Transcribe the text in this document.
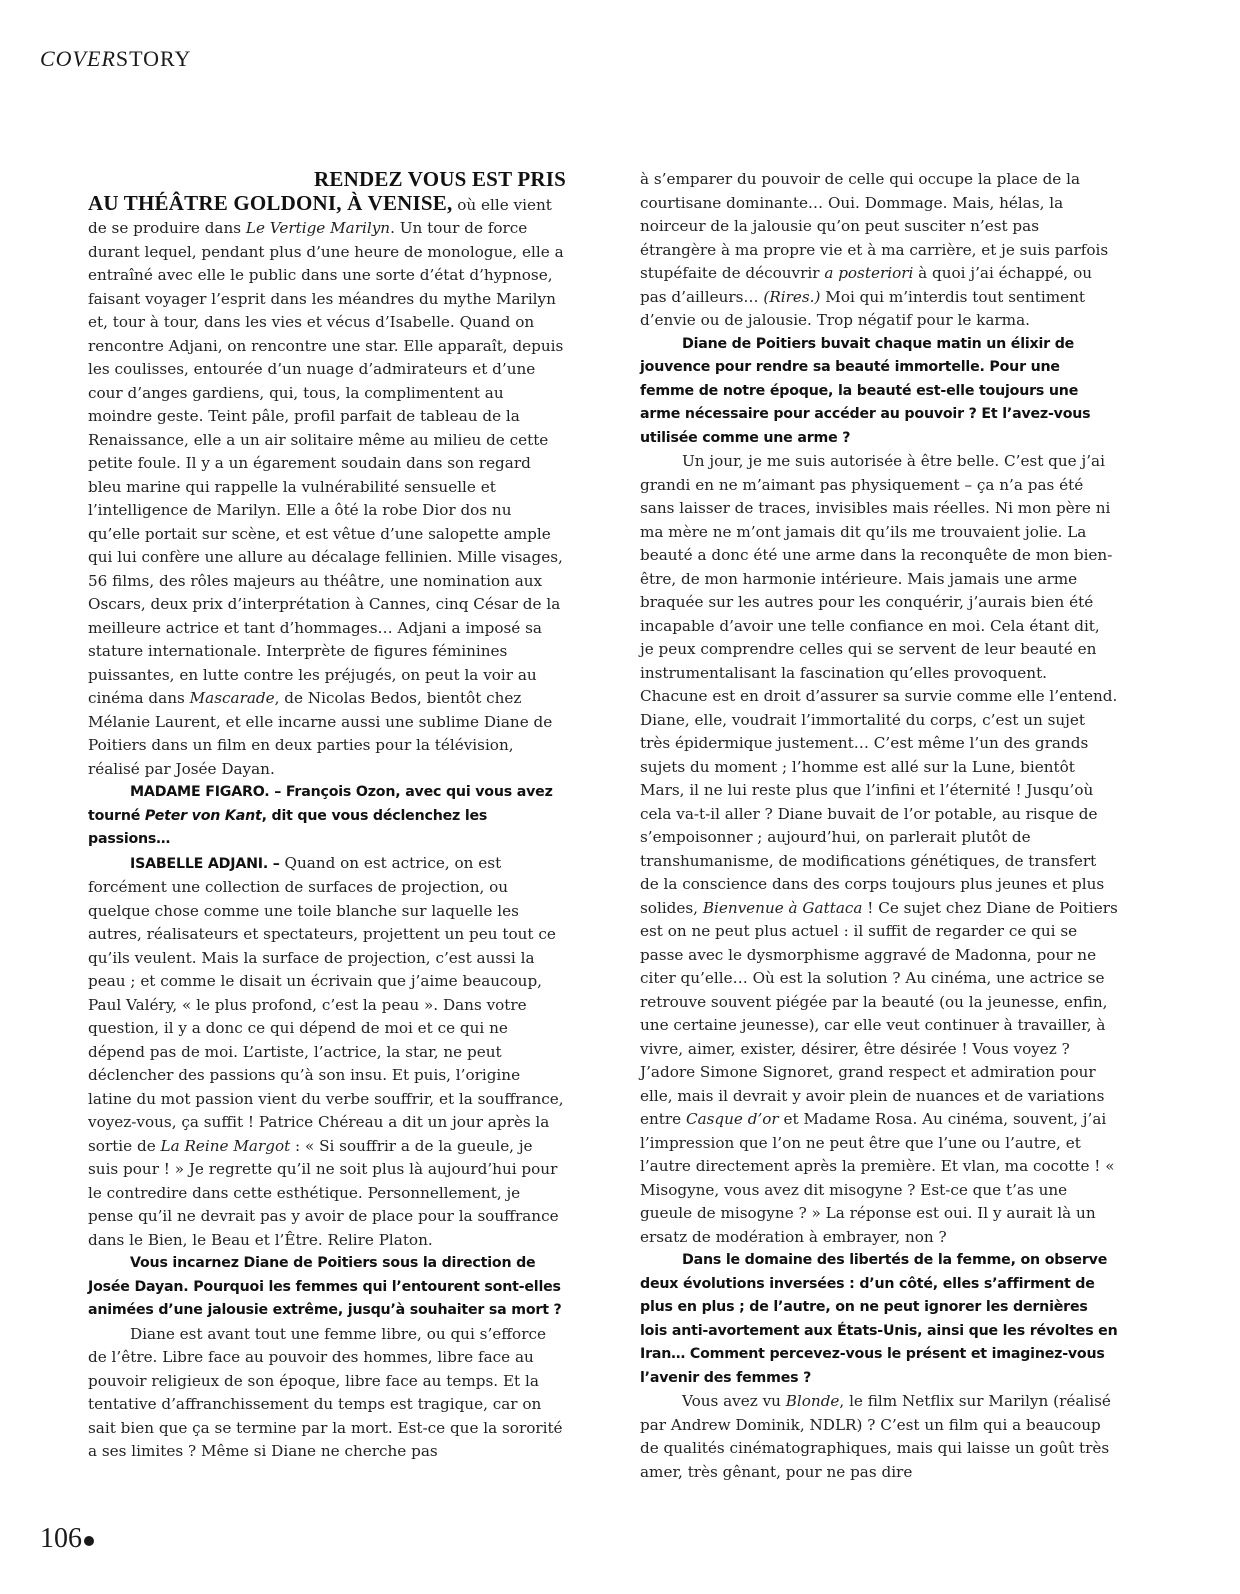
COVERSTORY

RENDEZ VOUS EST PRIS

AU THÉÂTRE GOLDONI, À VENISE, où elle vient de se produire dans Le Vertige Marilyn. Un tour de force durant lequel, pendant plus d’une heure de monologue, elle a entraîné avec elle le public dans une sorte d’état d’hypnose, faisant voyager l’esprit dans les méandres du mythe Marilyn et, tour à tour, dans les vies et vécus d’Isabelle. Quand on rencontre Adjani, on rencontre une star. Elle apparaît, depuis les coulisses, entourée d’un nuage d’admirateurs et d’une cour d’anges gardiens, qui, tous, la complimentent au moindre geste. Teint pâle, profil parfait de tableau de la Renaissance, elle a un air solitaire même au milieu de cette petite foule. Il y a un égarement soudain dans son regard bleu marine qui rappelle la vulnérabilité sensuelle et l’intelligence de Marilyn. Elle a ôté la robe Dior dos nu qu’elle portait sur scène, et est vêtue d’une salopette ample qui lui confère une allure au décalage fellinien. Mille visages, 56 films, des rôles majeurs au théâtre, une nomination aux Oscars, deux prix d’interprétation à Cannes, cinq César de la meilleure actrice et tant d’hommages… Adjani a imposé sa stature internationale. Interprète de figures féminines puissantes, en lutte contre les préjugés, on peut la voir au cinéma dans Mascarade, de Nicolas Bedos, bientôt chez Mélanie Laurent, et elle incarne aussi une sublime Diane de Poitiers dans un film en deux parties pour la télévision, réalisé par Josée Dayan.

MADAME FIGARO. – François Ozon, avec qui vous avez tourné Peter von Kant, dit que vous déclenchez les passions…

ISABELLE ADJANI. – Quand on est actrice, on est forcément une collection de surfaces de projection, ou quelque chose comme une toile blanche sur laquelle les autres, réalisateurs et spectateurs, projettent un peu tout ce qu’ils veulent. Mais la surface de projection, c’est aussi la peau ; et comme le disait un écrivain que j’aime beaucoup, Paul Valéry, « le plus profond, c’est la peau ». Dans votre question, il y a donc ce qui dépend de moi et ce qui ne dépend pas de moi. L’artiste, l’actrice, la star, ne peut déclencher des passions qu’à son insu. Et puis, l’origine latine du mot passion vient du verbe souffrir, et la souffrance, voyez-vous, ça suffit ! Patrice Chéreau a dit un jour après la sortie de La Reine Margot : « Si souffrir a de la gueule, je suis pour ! » Je regrette qu’il ne soit plus là aujourd’hui pour le contredire dans cette esthétique. Personnellement, je pense qu’il ne devrait pas y avoir de place pour la souffrance dans le Bien, le Beau et l’Être. Relire Platon.

Vous incarnez Diane de Poitiers sous la direction de Josée Dayan. Pourquoi les femmes qui l’entourent sont-elles animées d’une jalousie extrême, jusqu’à souhaiter sa mort ?

Diane est avant tout une femme libre, ou qui s’efforce de l’être. Libre face au pouvoir des hommes, libre face au pouvoir religieux de son époque, libre face au temps. Et la tentative d’affranchissement du temps est tragique, car on sait bien que ça se termine par la mort. Est-ce que la sororité a ses limites ? Même si Diane ne cherche pas

à s’emparer du pouvoir de celle qui occupe la place de la courtisane dominante… Oui. Dommage. Mais, hélas, la noirceur de la jalousie qu’on peut susciter n’est pas étrangère à ma propre vie et à ma carrière, et je suis parfois stupéfaite de découvrir a posteriori à quoi j’ai échappé, ou pas d’ailleurs… (Rires.) Moi qui m’interdis tout sentiment d’envie ou de jalousie. Trop négatif pour le karma.

Diane de Poitiers buvait chaque matin un élixir de jouvence pour rendre sa beauté immortelle. Pour une femme de notre époque, la beauté est-elle toujours une arme nécessaire pour accéder au pouvoir ? Et l’avez-vous utilisée comme une arme ?

Un jour, je me suis autorisée à être belle. C’est que j’ai grandi en ne m’aimant pas physiquement – ça n’a pas été sans laisser de traces, invisibles mais réelles. Ni mon père ni ma mère ne m’ont jamais dit qu’ils me trouvaient jolie. La beauté a donc été une arme dans la reconquête de mon bien-être, de mon harmonie intérieure. Mais jamais une arme braquée sur les autres pour les conquérir, j’aurais bien été incapable d’avoir une telle confiance en moi. Cela étant dit, je peux comprendre celles qui se servent de leur beauté en instrumentalisant la fascination qu’elles provoquent. Chacune est en droit d’assurer sa survie comme elle l’entend. Diane, elle, voudrait l’immortalité du corps, c’est un sujet très épidermique justement… C’est même l’un des grands sujets du moment ; l’homme est allé sur la Lune, bientôt Mars, il ne lui reste plus que l’infini et l’éternité ! Jusqu’où cela va-t-il aller ? Diane buvait de l’or potable, au risque de s’empoisonner ; aujourd’hui, on parlerait plutôt de transhumanisme, de modifications génétiques, de transfert de la conscience dans des corps toujours plus jeunes et plus solides, Bienvenue à Gattaca ! Ce sujet chez Diane de Poitiers est on ne peut plus actuel : il suffit de regarder ce qui se passe avec le dysmorphisme aggravé de Madonna, pour ne citer qu’elle… Où est la solution ? Au cinéma, une actrice se retrouve souvent piégée par la beauté (ou la jeunesse, enfin, une certaine jeunesse), car elle veut continuer à travailler, à vivre, aimer, exister, désirer, être désirée ! Vous voyez ? J’adore Simone Signoret, grand respect et admiration pour elle, mais il devrait y avoir plein de nuances et de variations entre Casque d’or et Madame Rosa. Au cinéma, souvent, j’ai l’impression que l’on ne peut être que l’une ou l’autre, et l’autre directement après la première. Et vlan, ma cocotte ! « Misogyne, vous avez dit misogyne ? Est-ce que t’as une gueule de misogyne ? » La réponse est oui. Il y aurait là un ersatz de modération à embrayer, non ?

Dans le domaine des libertés de la femme, on observe deux évolutions inversées : d’un côté, elles s’affirment de plus en plus ; de l’autre, on ne peut ignorer les dernières lois anti-avortement aux États-Unis, ainsi que les révoltes en Iran… Comment percevez-vous le présent et imaginez-vous l’avenir des femmes ?

Vous avez vu Blonde, le film Netflix sur Marilyn (réalisé par Andrew Dominik, NDLR) ? C’est un film qui a beaucoup de qualités cinématographiques, mais qui laisse un goût très amer, très gênant, pour ne pas dire

106
